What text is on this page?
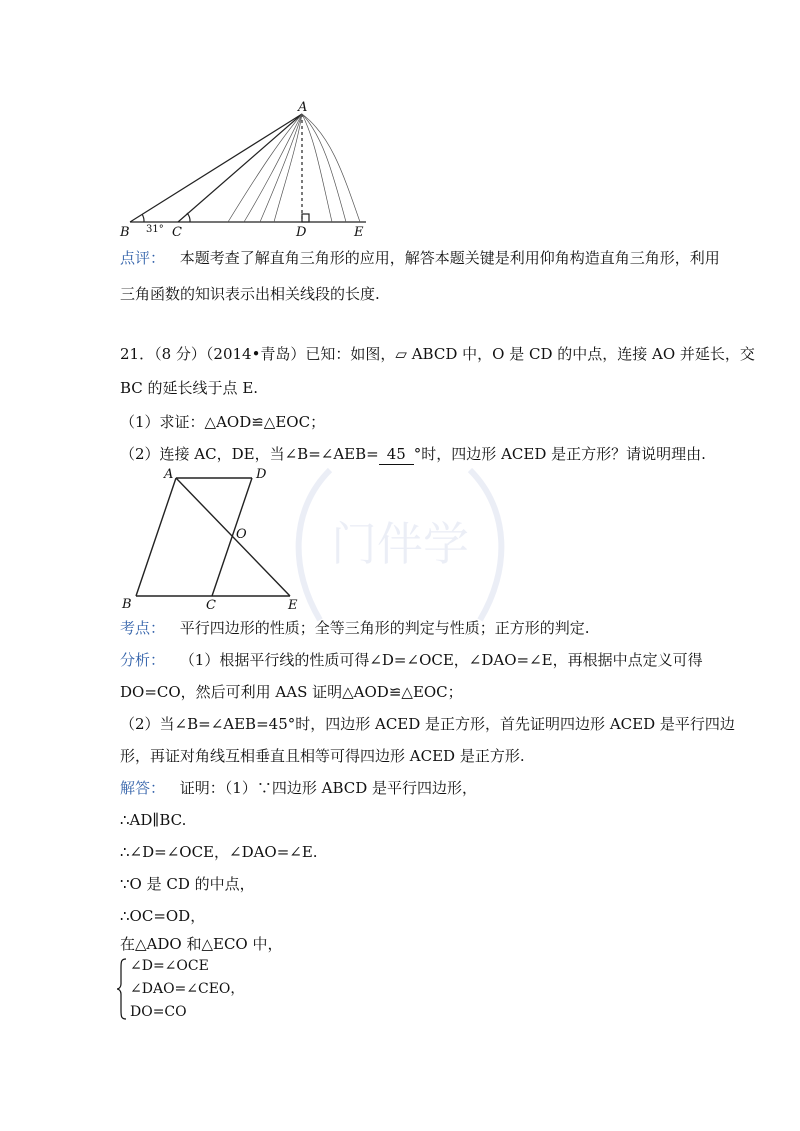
门伴学
A
B	C	D	E
31°
点评： 本题考查了解直角三角形的应用，解答本题关键是利用仰角构造直角三角形，利用
三角函数的知识表示出相关线段的长度.
21．（8 分）（2014•青岛）已知：如图，▱ ABCD 中，O 是 CD 的中点，连接 AO 并延长，交
BC 的延长线于点 E.
（1）求证：△AOD≌△EOC；
（2）连接 AC，DE，当∠B=∠AEB= 45 °时，四边形 ACED 是正方形？请说明理由.
A	D
B	C	E
O
考点： 平行四边形的性质；全等三角形的判定与性质；正方形的判定.
分析： （1）根据平行线的性质可得∠D=∠OCE，∠DAO=∠E，再根据中点定义可得
DO=CO，然后可利用 AAS 证明△AOD≌△EOC；
（2）当∠B=∠AEB=45°时，四边形 ACED 是正方形，首先证明四边形 ACED 是平行四边
形，再证对角线互相垂直且相等可得四边形 ACED 是正方形.
解答： 证明：（1）∵四边形 ABCD 是平行四边形，
∴AD∥BC.
∴∠D=∠OCE，∠DAO=∠E.
∵O 是 CD 的中点，
∴OC=OD，
在△ADO 和△ECO 中，
∠D=∠OCE
∠DAO=∠CEO，
DO=CO
